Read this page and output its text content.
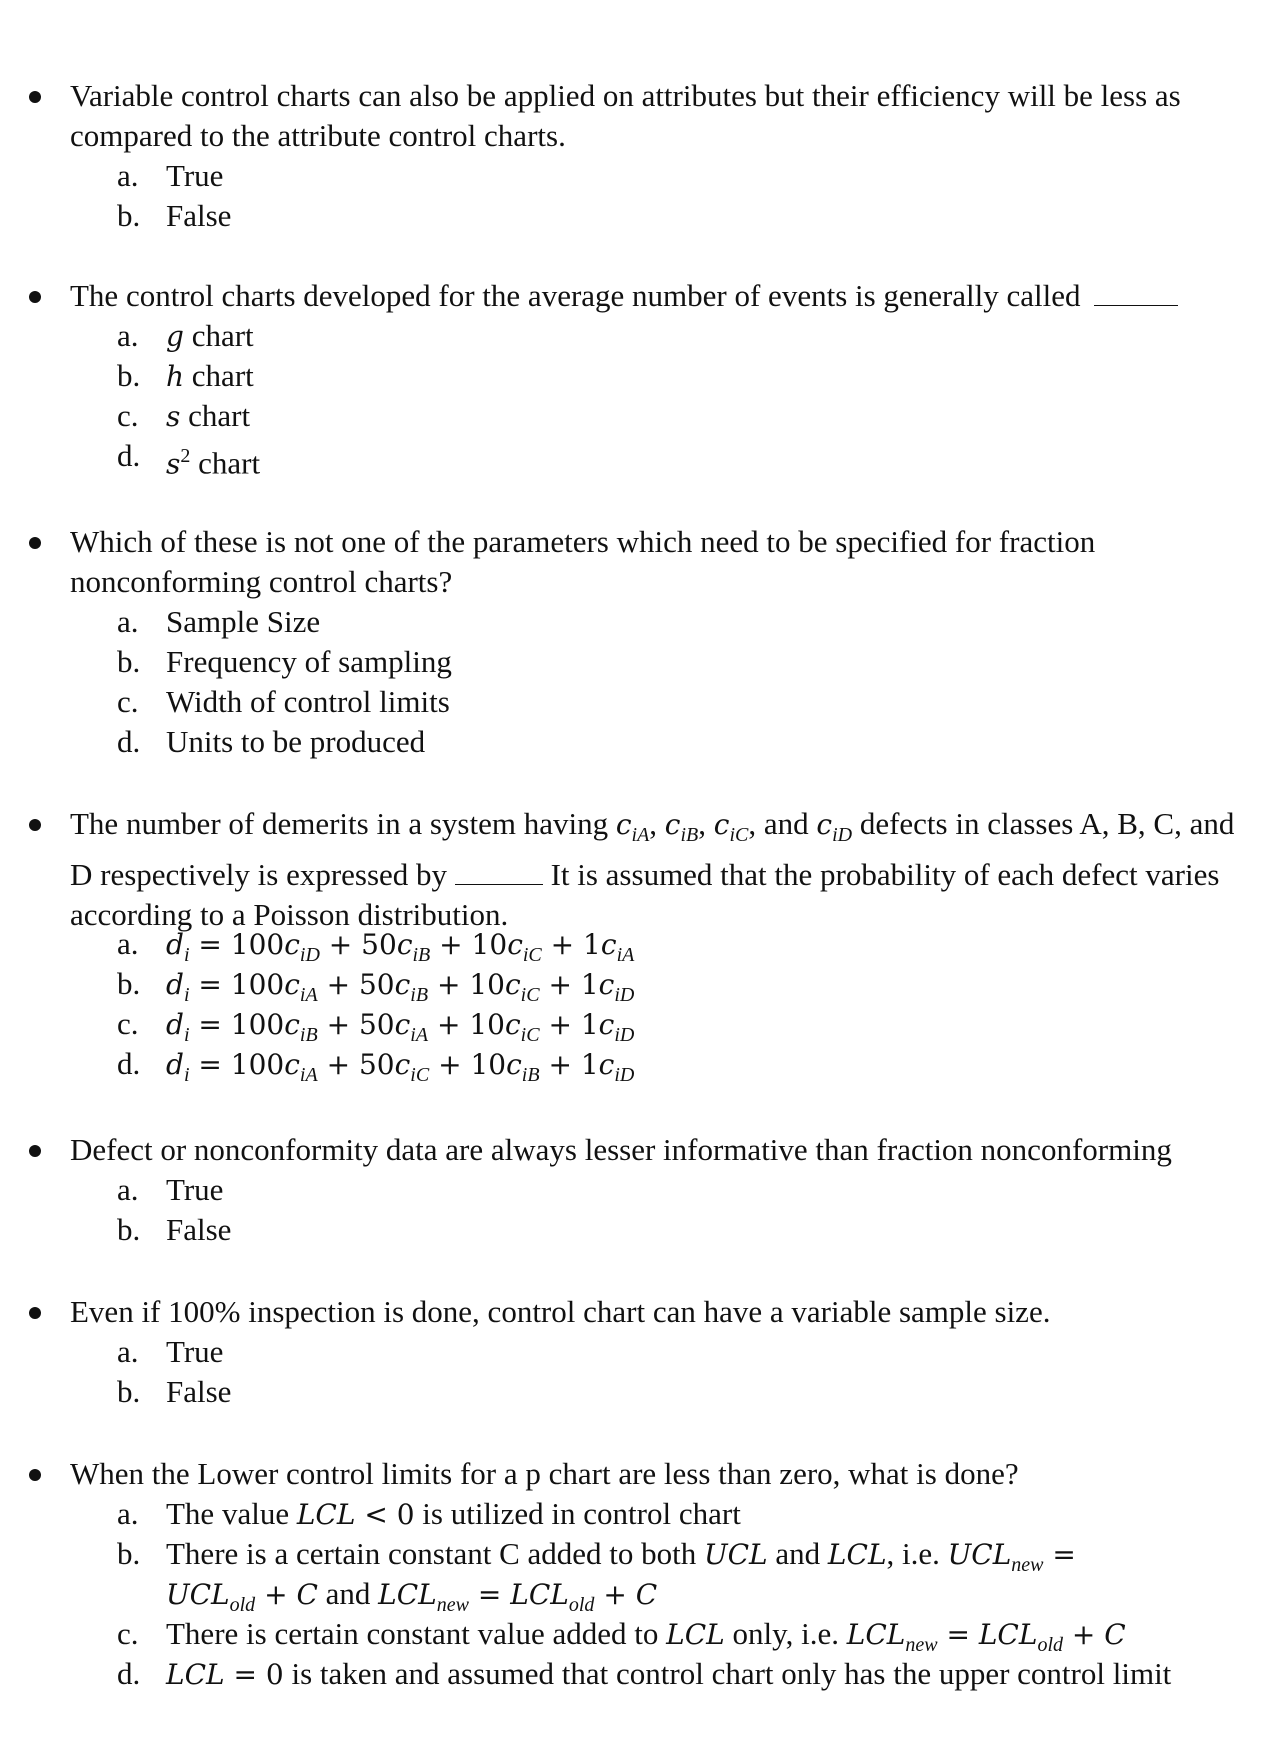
Variable control charts can also be applied on attributes but their efficiency will be less as compared to the attribute control charts.
a. True
b. False
The control charts developed for the average number of events is generally called
a. g chart
b. h chart
c. s chart
d. $s^2$ chart
Which of these is not one of the parameters which need to be specified for fraction nonconforming control charts?
a. Sample Size
b. Frequency of sampling
c. Width of control limits
d. Units to be produced
The number of demerits in a system having $c_{iA}$, $c_{iB}$, $c_{iC}$, and $c_{iD}$ defects in classes A, B, C, and D respectively is expressed by	It is assumed that the probability of each defect varies according to a Poisson distribution.
a. $d_i = 100c_{iD} + 50c_{iB} + 10c_{iC} + 1c_{iA}$
b. $d_i = 100c_{iA} + 50c_{iB} + 10c_{iC} + 1c_{iD}$
c. $d_i = 100c_{iB} + 50c_{iA} + 10c_{iC} + 1c_{iD}$
d. $d_i = 100c_{iA} + 50c_{iC} + 10c_{iB} + 1c_{iD}$
Defect or nonconformity data are always lesser informative than fraction nonconforming
a. True
b. False
Even if 100% inspection is done, control chart can have a variable sample size.
a. True
b. False
When the Lower control limits for a p chart are less than zero, what is done?
a. The value LCL < 0 is utilized in control chart
b. There is a certain constant C added to both UCL and LCL, i.e. $UCL_{new}$ =
$UCL_{old} + C$ and $LCL_{new} = LCL_{old} + C$
c. There is certain constant value added to LCL only, i.e. $LCL_{new} = LCL_{old} + C$
d. LCL = 0 is taken and assumed that control chart only has the upper control limit
